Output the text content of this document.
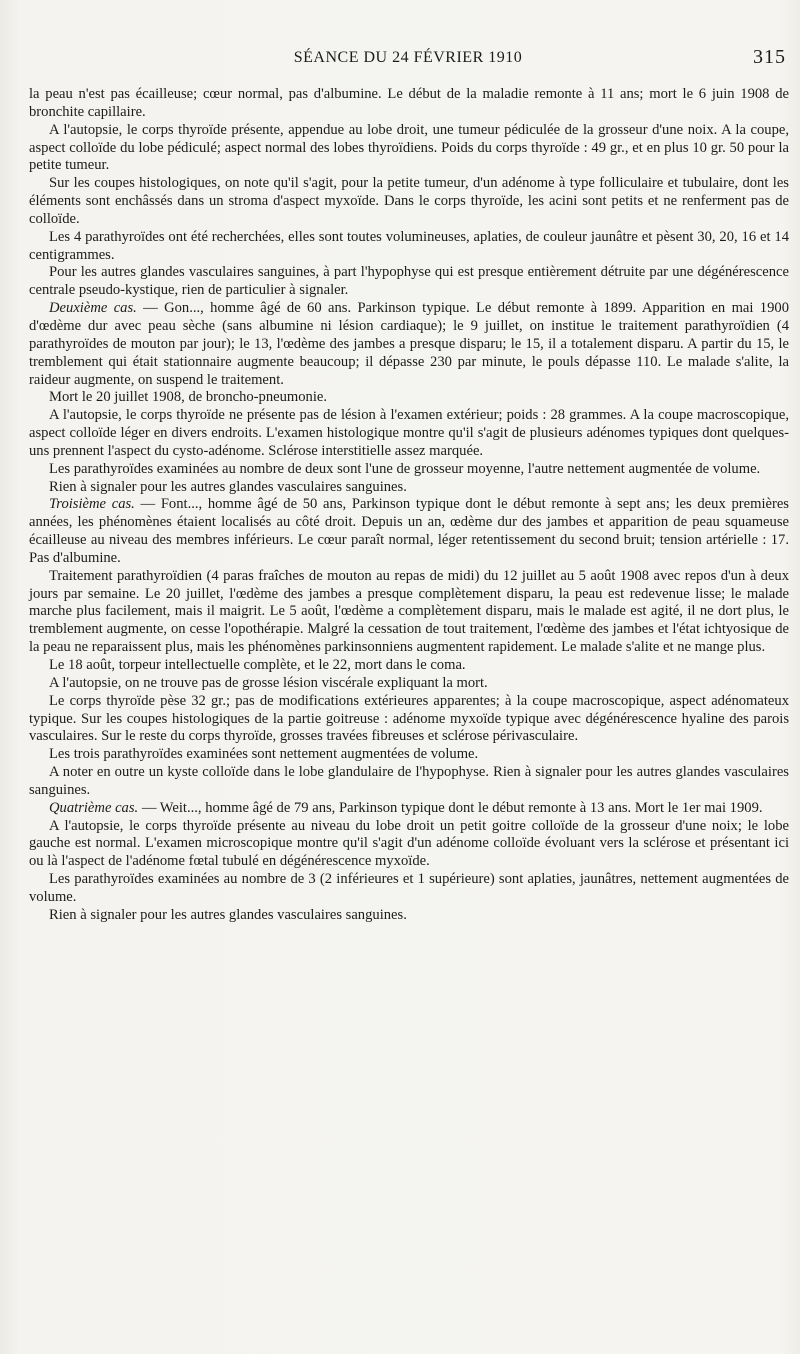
SÉANCE DU 24 FÉVRIER 1910	315

la peau n'est pas écailleuse; cœur normal, pas d'albumine. Le début de la maladie remonte à 11 ans; mort le 6 juin 1908 de bronchite capillaire.

A l'autopsie, le corps thyroïde présente, appendue au lobe droit, une tumeur pédiculée de la grosseur d'une noix. A la coupe, aspect colloïde du lobe pédiculé; aspect normal des lobes thyroïdiens. Poids du corps thyroïde : 49 gr., et en plus 10 gr. 50 pour la petite tumeur.

Sur les coupes histologiques, on note qu'il s'agit, pour la petite tumeur, d'un adénome à type folliculaire et tubulaire, dont les éléments sont enchâssés dans un stroma d'aspect myxoïde. Dans le corps thyroïde, les acini sont petits et ne renferment pas de colloïde.

Les 4 parathyroïdes ont été recherchées, elles sont toutes volumineuses, aplaties, de couleur jaunâtre et pèsent 30, 20, 16 et 14 centigrammes.

Pour les autres glandes vasculaires sanguines, à part l'hypophyse qui est presque entièrement détruite par une dégénérescence centrale pseudo-kystique, rien de particulier à signaler.

Deuxième cas. — Gon..., homme âgé de 60 ans. Parkinson typique. Le début remonte à 1899. Apparition en mai 1900 d'œdème dur avec peau sèche (sans albumine ni lésion cardiaque); le 9 juillet, on institue le traitement parathyroïdien (4 parathyroïdes de mouton par jour); le 13, l'œdème des jambes a presque disparu; le 15, il a totalement disparu. A partir du 15, le tremblement qui était stationnaire augmente beaucoup; il dépasse 230 par minute, le pouls dépasse 110. Le malade s'alite, la raideur augmente, on suspend le traitement.

Mort le 20 juillet 1908, de broncho-pneumonie.

A l'autopsie, le corps thyroïde ne présente pas de lésion à l'examen extérieur; poids : 28 grammes. A la coupe macroscopique, aspect colloïde léger en divers endroits. L'examen histologique montre qu'il s'agit de plusieurs adénomes typiques dont quelques-uns prennent l'aspect du cysto-adénome. Sclérose interstitielle assez marquée.

Les parathyroïdes examinées au nombre de deux sont l'une de grosseur moyenne, l'autre nettement augmentée de volume.

Rien à signaler pour les autres glandes vasculaires sanguines.

Troisième cas. — Font..., homme âgé de 50 ans, Parkinson typique dont le début remonte à sept ans; les deux premières années, les phénomènes étaient localisés au côté droit. Depuis un an, œdème dur des jambes et apparition de peau squameuse écailleuse au niveau des membres inférieurs. Le cœur paraît normal, léger retentissement du second bruit; tension artérielle : 17. Pas d'albumine.

Traitement parathyroïdien (4 paras fraîches de mouton au repas de midi) du 12 juillet au 5 août 1908 avec repos d'un à deux jours par semaine. Le 20 juillet, l'œdème des jambes a presque complètement disparu, la peau est redevenue lisse; le malade marche plus facilement, mais il maigrit. Le 5 août, l'œdème a complètement disparu, mais le malade est agité, il ne dort plus, le tremblement augmente, on cesse l'opothérapie. Malgré la cessation de tout traitement, l'œdème des jambes et l'état ichtyosique de la peau ne reparaissent plus, mais les phénomènes parkinsonniens augmentent rapidement. Le malade s'alite et ne mange plus.

Le 18 août, torpeur intellectuelle complète, et le 22, mort dans le coma.

A l'autopsie, on ne trouve pas de grosse lésion viscérale expliquant la mort.

Le corps thyroïde pèse 32 gr.; pas de modifications extérieures apparentes; à la coupe macroscopique, aspect adénomateux typique. Sur les coupes histologiques de la partie goitreuse : adénome myxoïde typique avec dégénérescence hyaline des parois vasculaires. Sur le reste du corps thyroïde, grosses travées fibreuses et sclérose périvasculaire.

Les trois parathyroïdes examinées sont nettement augmentées de volume.

A noter en outre un kyste colloïde dans le lobe glandulaire de l'hypophyse. Rien à signaler pour les autres glandes vasculaires sanguines.

Quatrième cas. — Weit..., homme âgé de 79 ans, Parkinson typique dont le début remonte à 13 ans. Mort le 1er mai 1909.

A l'autopsie, le corps thyroïde présente au niveau du lobe droit un petit goitre colloïde de la grosseur d'une noix; le lobe gauche est normal. L'examen microscopique montre qu'il s'agit d'un adénome colloïde évoluant vers la sclérose et présentant ici ou là l'aspect de l'adénome fœtal tubulé en dégénérescence myxoïde.

Les parathyroïdes examinées au nombre de 3 (2 inférieures et 1 supérieure) sont aplaties, jaunâtres, nettement augmentées de volume.

Rien à signaler pour les autres glandes vasculaires sanguines.
